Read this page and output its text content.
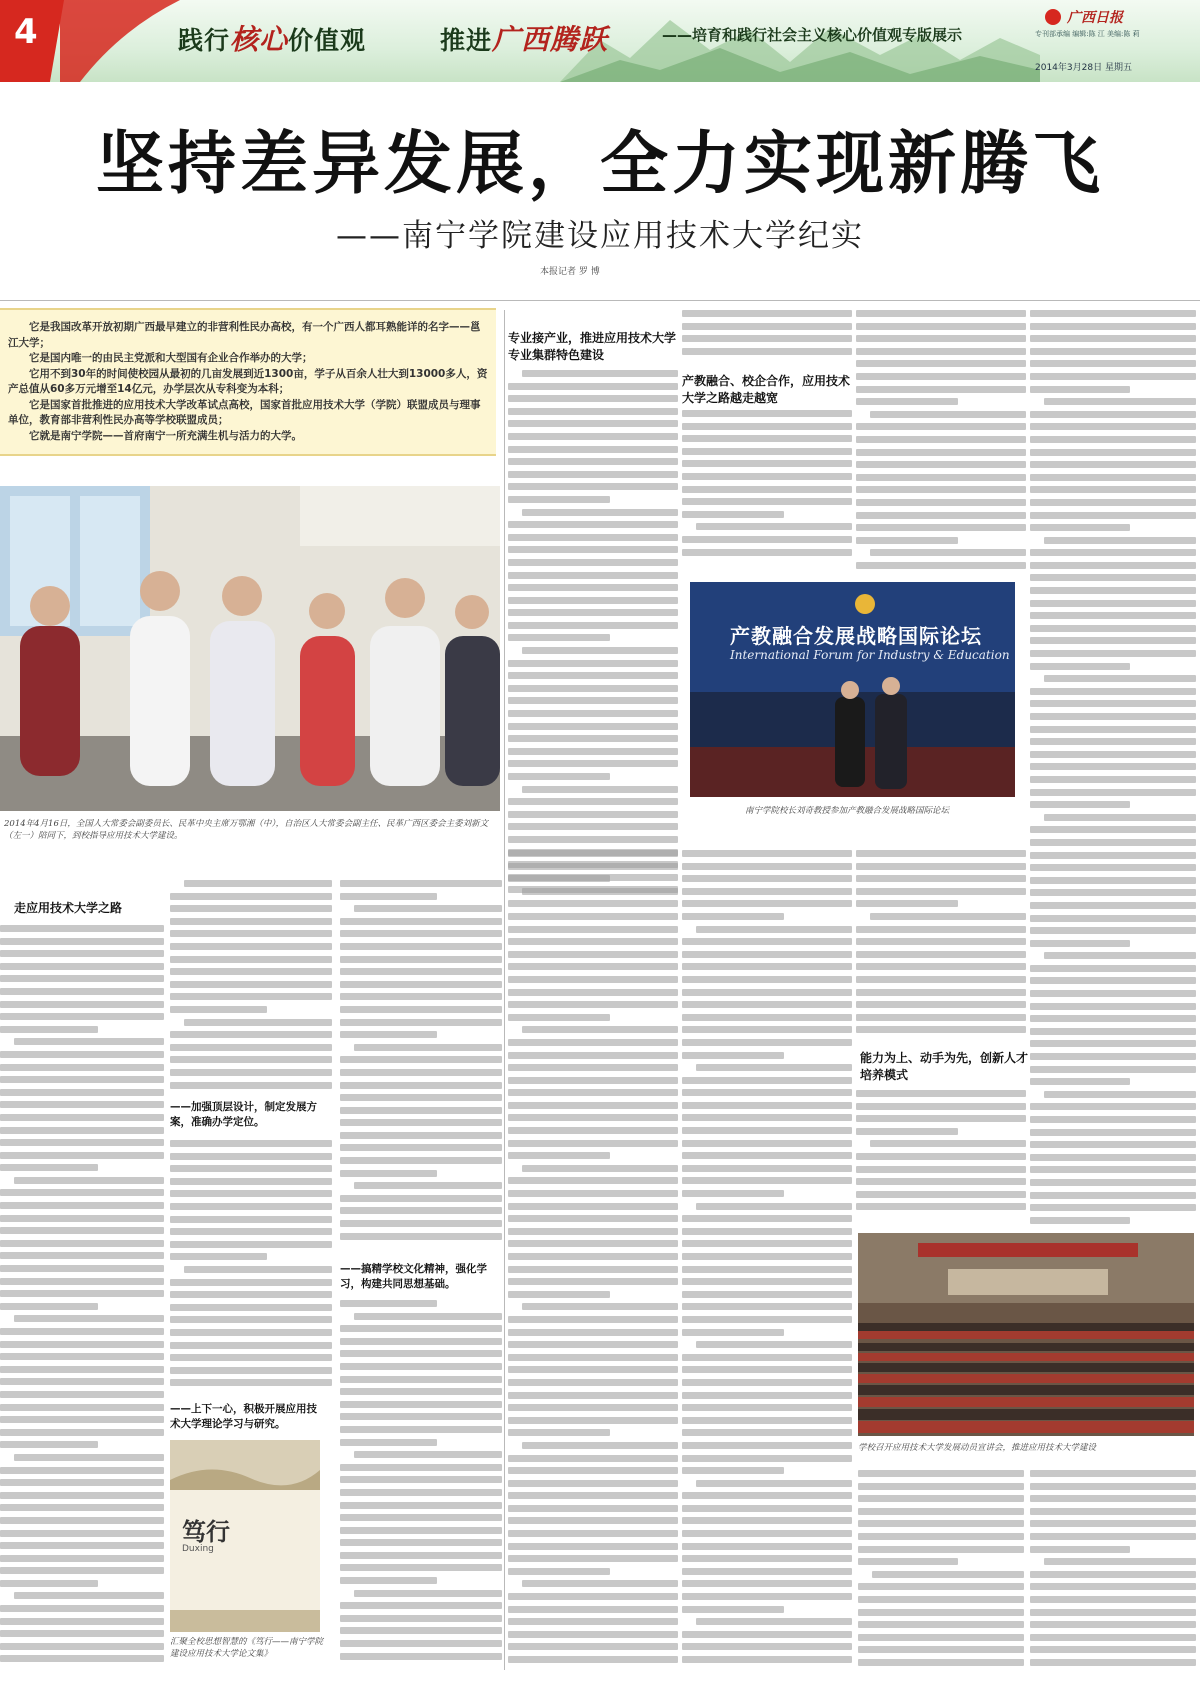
4	践行核心价值观	推进广西腾跃	——培育和践行社会主义核心价值观专版展示
广西日报
专刊部承编 编辑:陈 江 美编:陈 莉
2014年3月28日 星期五
坚持差异发展，全力实现新腾飞
——南宁学院建设应用技术大学纪实
本报记者 罗 博
它是我国改革开放初期广西最早建立的非营利性民办高校，有一个广西人都耳熟能详的名字——邕江大学；
它是国内唯一的由民主党派和大型国有企业合作举办的大学；
它用不到30年的时间使校园从最初的几亩发展到近1300亩，学子从百余人壮大到13000多人，资产总值从60多万元增至14亿元，办学层次从专科变为本科；
它是国家首批推进的应用技术大学改革试点高校，国家首批应用技术大学（学院）联盟成员与理事单位，教育部非营利性民办高等学校联盟成员；
它就是南宁学院——首府南宁一所充满生机与活力的大学。
2014年4月16日，全国人大常委会副委员长、民革中央主席万鄂湘（中），自治区人大常委会副主任、民革广西区委会主委刘新文（左一）陪同下，到校指导应用技术大学建设。
产教融合发展战略国际论坛
International Forum for Industry & Education
南宁学院校长刘奇教授参加产教融合发展战略国际论坛
学校召开应用技术大学发展动员宣讲会，推进应用技术大学建设
笃行
Duxing
汇聚全校思想智慧的《笃行——南宁学院建设应用技术大学论文集》
专业接产业，推进应用技术大学专业集群特色建设
产教融合、校企合作，应用技术大学之路越走越宽
走应用技术大学之路
——加强顶层设计，制定发展方案，准确办学定位。
——搞精学校文化精神，强化学习，构建共同思想基础。
——上下一心，积极开展应用技术大学理论学习与研究。
能力为上、动手为先，创新人才培养模式
